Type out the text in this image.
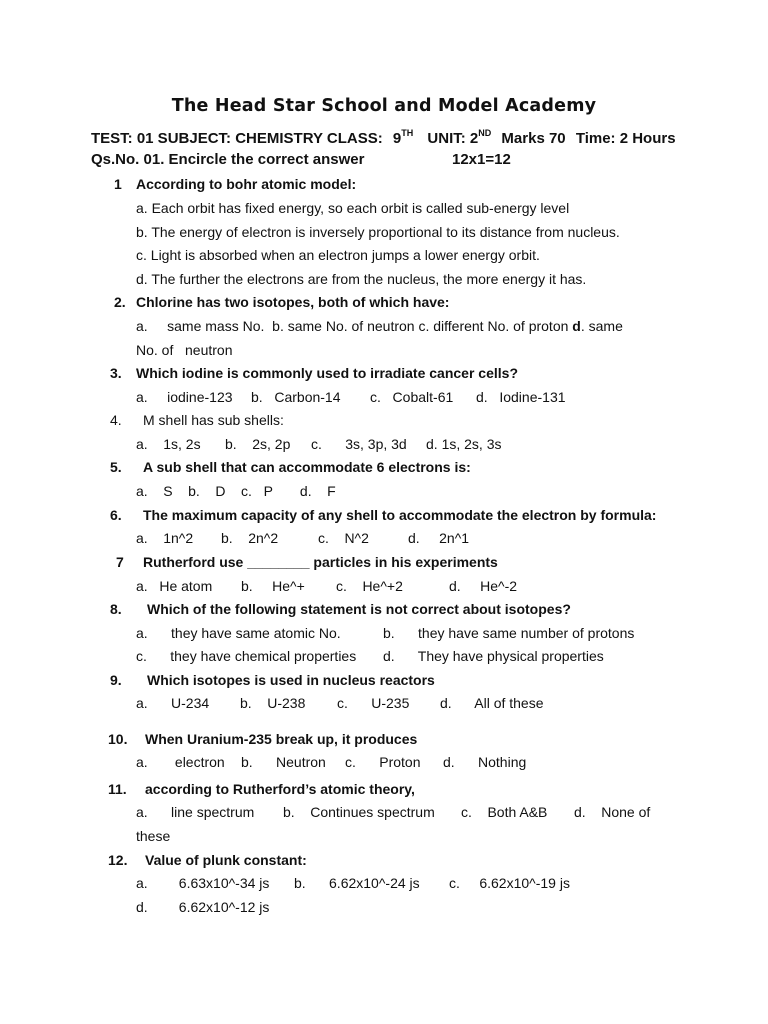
The Head Star School and Model Academy
TEST: 01 SUBJECT: CHEMISTRY CLASS: 9TH UNIT: 2ND Marks 70 Time: 2 Hours
Qs.No. 01. Encircle the correct answer	12x1=12
1 According to bohr atomic model:
a. Each orbit has fixed energy, so each orbit is called sub-energy level
b. The energy of electron is inversely proportional to its distance from nucleus.
c. Light is absorbed when an electron jumps a lower energy orbit.
d. The further the electrons are from the nucleus, the more energy it has.
2. Chlorine has two isotopes, both of which have:
a.     same mass No.  b. same No. of neutron c. different No. of proton d. same
No. of   neutron
3. Which iodine is commonly used to irradiate cancer cells?
a.     iodine-123 b.   Carbon-14 c.   Cobalt-61 d.   Iodine-131
4. M shell has sub shells:
a.    1s, 2s b.    2s, 2p c.      3s, 3p, 3d d. 1s, 2s, 3s
5. A sub shell that can accommodate 6 electrons is:
a.    S    b.    D    c.   P       d.    F
6. The maximum capacity of any shell to accommodate the electron by formula:
a.    1n^2 b.    2n^2	c.    N^2	d.     2n^1
7 Rutherford use ________ particles in his experiments
a.   He atom b.     He^+ c.    He^+2	d.     He^-2
8. Which of the following statement is not correct about isotopes?
a.      they have same atomic No.	b.      they have same number of protons
c.      they have chemical properties d.      They have physical properties
9. Which isotopes is used in nucleus reactors
a.      U-234 b.    U-238 c.      U-235 d.      All of these
10. When Uranium-235 break up, it produces
a.       electron b.      Neutron c.      Proton d.      Nothing
11. according to Rutherford’s atomic theory,
a.      line spectrum b.    Continues spectrum c.    Both A&B d.    None of
these
12. Value of plunk constant:
a.        6.63x10^-34 js b.      6.62x10^-24 js c.     6.62x10^-19 js
d.        6.62x10^-12 js
